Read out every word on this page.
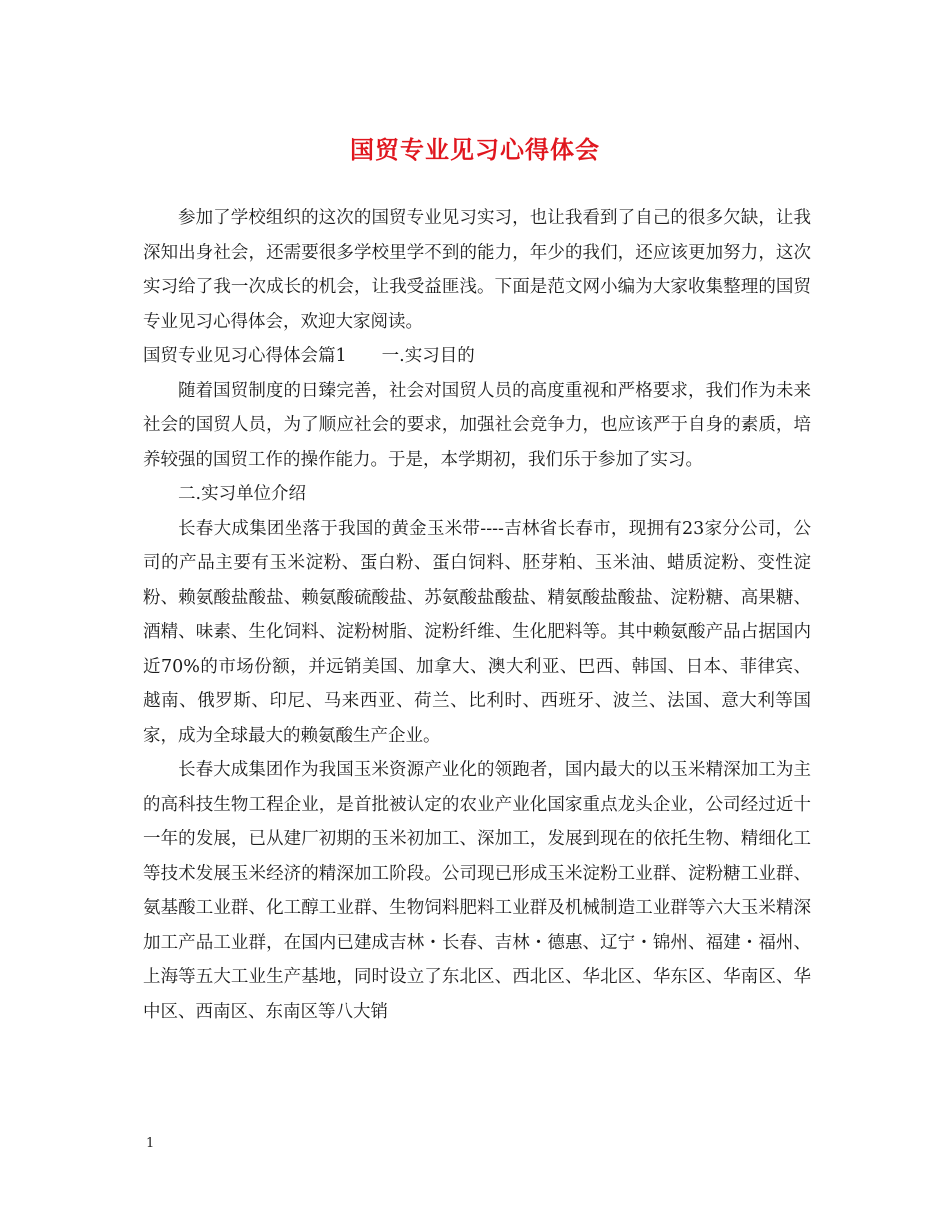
国贸专业见习心得体会

参加了学校组织的这次的国贸专业见习实习，也让我看到了自己的很多欠缺，让我深知出身社会，还需要很多学校里学不到的能力，年少的我们，还应该更加努力，这次实习给了我一次成长的机会，让我受益匪浅。下面是范文网小编为大家收集整理的国贸专业见习心得体会，欢迎大家阅读。

国贸专业见习心得体会篇1　　一.实习目的

随着国贸制度的日臻完善，社会对国贸人员的高度重视和严格要求，我们作为未来社会的国贸人员，为了顺应社会的要求，加强社会竞争力，也应该严于自身的素质，培养较强的国贸工作的操作能力。于是，本学期初，我们乐于参加了实习。

二.实习单位介绍

长春大成集团坐落于我国的黄金玉米带----吉林省长春市，现拥有23家分公司，公司的产品主要有玉米淀粉、蛋白粉、蛋白饲料、胚芽粕、玉米油、蜡质淀粉、变性淀粉、赖氨酸盐酸盐、赖氨酸硫酸盐、苏氨酸盐酸盐、精氨酸盐酸盐、淀粉糖、高果糖、酒精、味素、生化饲料、淀粉树脂、淀粉纤维、生化肥料等。其中赖氨酸产品占据国内近70%的市场份额，并远销美国、加拿大、澳大利亚、巴西、韩国、日本、菲律宾、越南、俄罗斯、印尼、马来西亚、荷兰、比利时、西班牙、波兰、法国、意大利等国家，成为全球最大的赖氨酸生产企业。

长春大成集团作为我国玉米资源产业化的领跑者，国内最大的以玉米精深加工为主的高科技生物工程企业，是首批被认定的农业产业化国家重点龙头企业，公司经过近十一年的发展，已从建厂初期的玉米初加工、深加工，发展到现在的依托生物、精细化工等技术发展玉米经济的精深加工阶段。公司现已形成玉米淀粉工业群、淀粉糖工业群、氨基酸工业群、化工醇工业群、生物饲料肥料工业群及机械制造工业群等六大玉米精深加工产品工业群，在国内已建成吉林・长春、吉林・德惠、辽宁・锦州、福建・福州、上海等五大工业生产基地，同时设立了东北区、西北区、华北区、华东区、华南区、华中区、西南区、东南区等八大销

1
